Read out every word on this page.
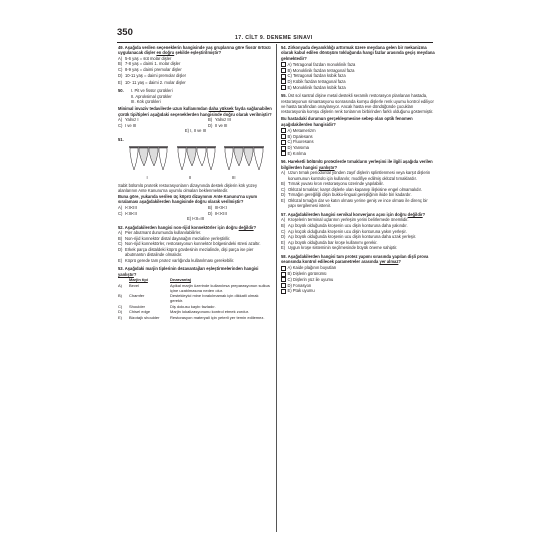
350	17. CİLT 9. DENEME SINAVI
49. Aşağıda verilen seçeneklerin hangisinde yaş gruplarına göre fissür örtücü uygulanacak dişler en doğru şekilde eşleştirilmiştir?
A) 5-6 yaş = süt molar dişler
B) 7-8 yaş = daimi 1. molar dişler
C) 8-9 yaş = daimi premolar dişler
D) 10-11 yaş = daimi premolar dişler
E) 10- 11 yaş = daimi 2. molar dişler
50. I. Pit ve fissür çürükleri
II. Aproksimal çürükler
III. Kök çürükleri
Minimal invaziv tedavilerde uzun kullanımdan daha yüksek fayda sağlanabilen çürük tipi/tipleri aşağıdaki seçeneklerden hangisinde doğru olarak verilmiştir?
A) Yalnız I	B) Yalnız III
C) I ve III	D) II ve III
E) I, II ve III
51.
I	II	III
Sabit bölümlü protetik restorasyonların dizaynında destek dişlerin kök yüzey alanlarının Ante Kanunu'na uyumlu olmaları beklenmektedir.
Buna göre, yukarıda verilen üç köprü dizaynının Ante Kanunu'na uyum sıralaması aşağıdakilerden hangisinde doğru olarak verilmiştir?
A) I<II<III	B) III<II<I
C) I<III<II	D) II<I<III
E) I<II=III
52. Aşağıdakilerden hangisi non-rijid konnektörler için doğru değildir?
A) Pier abutmant durumunda kullanılabilirler.
B) Non-rijid konnektör distal dayanağın mezialine yerleştirilir.
C) Non-rijid konnektörler, restorasyonun konnektör bölgesindeki stresi azaltır.
D) Erkek parça distaldeki köprü gövdesinin mezialinde, dişi parça ise pier abutmantın distalinde olmalıdır.
E) Köprü gerede tam protez varlığında kullanılması gerekebilir.
53. Aşağıdaki marjin tiplerinin dezavantajları eşleştirmelerinden hangisi yanlıştır?
	Marjin tipi	Dezavantaj
A)	Bevel	Apikal marjin üzerinde kullanılırsa preparasyonun sulkus içine uzatılmasına neden olur.
B)	Chamfer	Destekleyici mine bırakılmamak için dikkatli olmak gerekir.
C)	Shoulder	Diş dokusu kaybı fazladır.
D)	Chisel edge	Marjin lokalizasyonunu kontrol etmek zordur.
E)	Bizotajlı shoulder	Restorasyon materyali için yeterli yer temin edilemez.
54. Zirkonyada deyanıklılığı arttırmak üzere meydana gelen bir mekanizma olarak kabul edilen dönüşüm tokluğunda hangi fazlar arasında geçiş meydana gelmektedir?
A) Tetragonal fazdan monoklinik faza
B) Monoklinik fazdan tetragonal faza
C) Tetragonal fazdan kübik faza
D) Kübik fazdan tetragonal faza
E) Monoklinik fazdan kübik faza
55. Üst sol santral dişine metal destekli seramik restorasyon planlanan hastada, restorasyonun simantasyonu sonrasında komşu dişlerle renk uyumu kontrol ediliyor ve hasta tarafından onaylanıyor. Ancak hasta eve döndüğünde çocukları restorasyonla komşu dişlerin renk tonlarının birbirinden farklı olduğunu göstermiştir.
Bu hastadaki durumun gerçekleşmesine sebep olan optik fenomen aşağıdakilerden hangisidir?
A) Metamerizm
B) Opalesans
C) Fluoresans
D) Yansıma
E) Kırılma
56. Hareketli bölümlü protezlerde tırnakların yerleşimi ile ilgili aşağıda verilen bilgilerden hangisi yanlıştır?
A) Uzun tırnak periodontal yönden zayıf dişlerin splintlenmesi veya karşıt dişlerin konumunun kontrolü için kullanılır, modifiye edilmiş oklüzal tırnaklardır.
B) Tırnak yuvası kron restorasyonu üzerinde yapılabilir.
C) Oklüzal tırnaklar; karşıt dişlerle olan kapanışı ilişkisine engel olmamalıdır.
D) Tırnağın gereğiliği dişin bukko-lingual genişliğinin ikide biri kadardır.
E) Oklüzal tırnağın dar ve katın olması yerine geniş ve ince olması ile direnç bir yapı sergilemesi istenir.
57. Aşağıdakilerden hangisi servikal konverjans açısı için doğru değildir?
A) Kroşelerin terminal uçlarının yerleşim yerini belirlemede önemlidir.
B) Açı büyük olduğunda kroşenin ucu dişin konturuna daha yakındır.
C) Açı küçük olduğunda kroşenin ucu dişin konturuna yakın yerleşir.
D) Açı büyük olduğunda kroşenin ucu dişin konturuna daha uzak yerleşir.
E) Açı büyük olduğunda bar kroşe kullanımı gerekir.
E) Uygun kroşe sisteminin seçilmesinde büyük öneme sahiptir.
58. Aşağıdakilerden hangisi tam protez yapımı sırasında yapılan dişli prova seansında kontrol edilecek parametreler arasında yer almaz?
A) Kaide plağının boyutları
B) Dişlerin görünümü
C) Dişlerin yüz ile uyumu
D) Fonasyon
E) Ptak uyumu
